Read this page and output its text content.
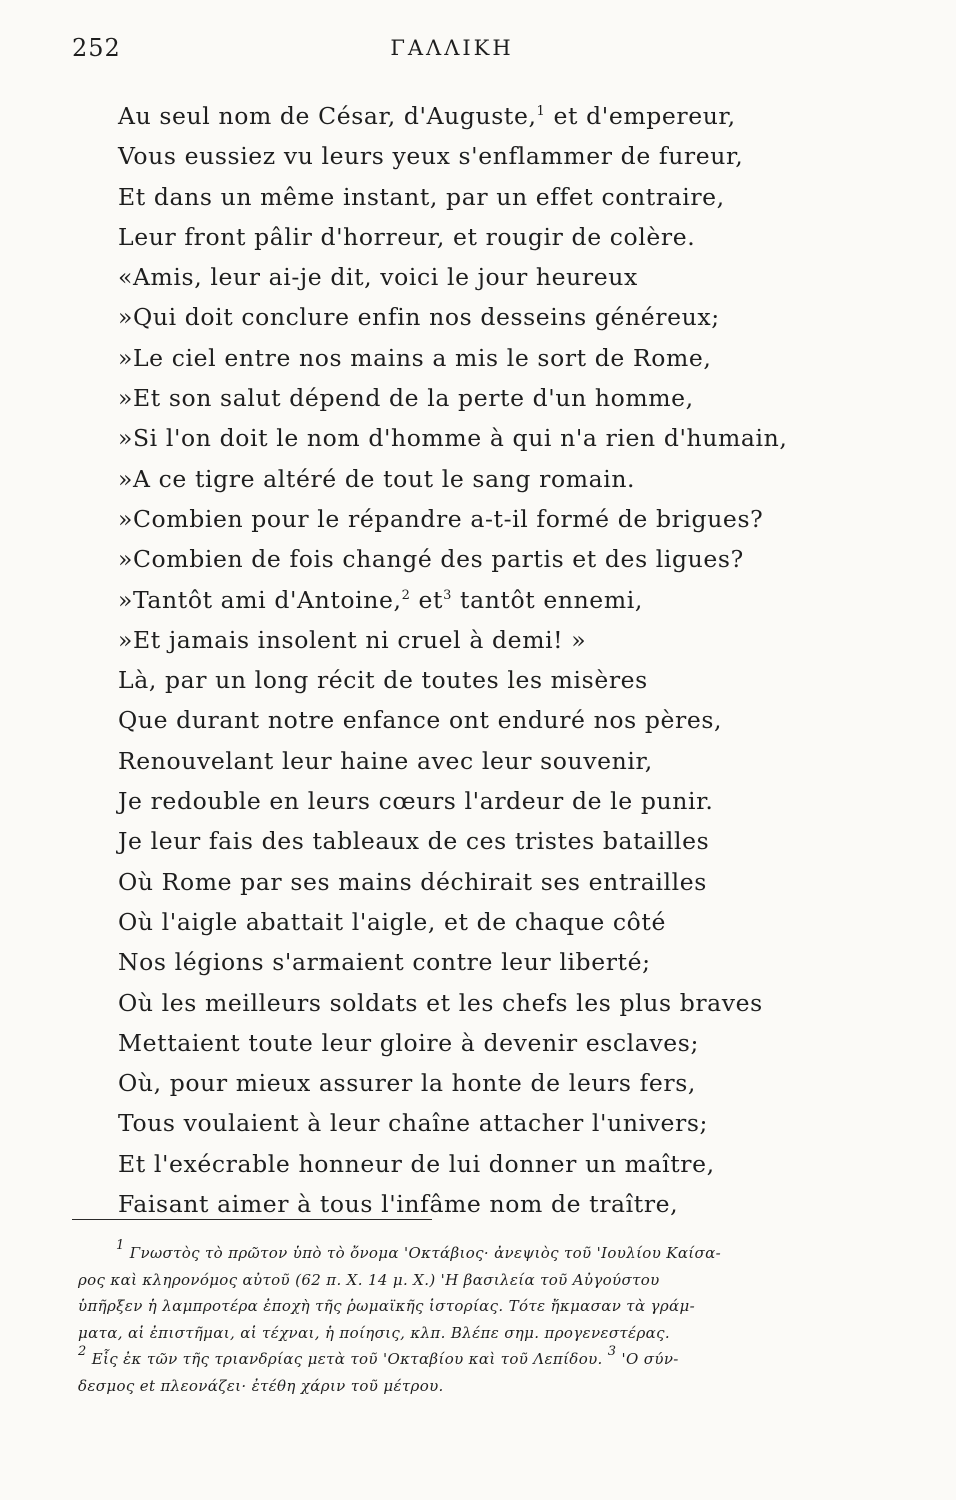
252	ΓΑΛΛΙΚΗ
Au seul nom de César, d'Auguste,$^1$ et d'empereur,
Vous eussiez vu leurs yeux s'enflammer de fureur,
Et dans un même instant, par un effet contraire,
Leur front pâlir d'horreur, et rougir de colère.
«Amis, leur ai-je dit, voici le jour heureux
»Qui doit conclure enfin nos desseins généreux;
»Le ciel entre nos mains a mis le sort de Rome,
»Et son salut dépend de la perte d'un homme,
»Si l'on doit le nom d'homme à qui n'a rien d'humain,
»A ce tigre altéré de tout le sang romain.
»Combien pour le répandre a-t-il formé de brigues?
»Combien de fois changé des partis et des ligues?
»Tantôt ami d'Antoine,$^2$ $et^3$ tantôt ennemi,
»Et jamais insolent ni cruel à demi! »
Là, par un long récit de toutes les misères
Que durant notre enfance ont enduré nos pères,
Renouvelant leur haine avec leur souvenir,
Je redouble en leurs cœurs l'ardeur de le punir.
Je leur fais des tableaux de ces tristes batailles
Où Rome par ses mains déchirait ses entrailles
Où l'aigle abattait l'aigle, et de chaque côté
Nos légions s'armaient contre leur liberté;
Où les meilleurs soldats et les chefs les plus braves
Mettaient toute leur gloire à devenir esclaves;
Où, pour mieux assurer la honte de leurs fers,
Tous voulaient à leur chaîne attacher l'univers;
Et l'exécrable honneur de lui donner un maître,
Faisant aimer à tous l'infâme nom de traître,
$^1$ Γνωστὸς τὸ πρῶτον ὑπὸ τὸ ὄνομα 'Οκτάβιος· ἀνεψιὸς τοῦ 'Ιουλίου Καίσα-
ρος καὶ κληρονόμος αὐτοῦ (62 π. Χ. 14 μ. Χ.) 'Η βασιλεία τοῦ Αὐγούστου
ὑπῆρξεν ἡ λαμπροτέρα ἐποχὴ τῆς ῥωμαϊκῆς ἱστορίας. Τότε ἤκμασαν τὰ γράμ-
ματα, αἱ ἐπιστῆμαι, αἱ τέχναι, ἡ ποίησις, κλπ. Βλέπε σημ. προγενεστέρας.
$^2$ Εἷς ἐκ τῶν τῆς τριανδρίας μετὰ τοῦ 'Οκταβίου καὶ τοῦ Λεπίδου. $^3$ 'Ο σύν-
δεσμος et πλεονάζει· ἐτέθη χάριν τοῦ μέτρου.
